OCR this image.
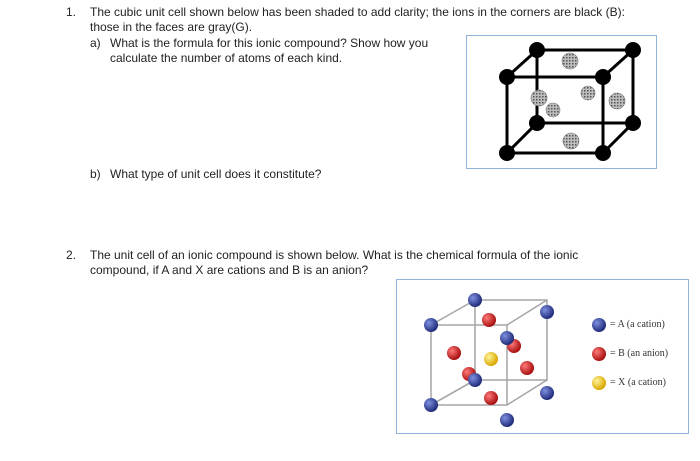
1. The cubic unit cell shown below has been shaded to add clarity; the ions in the corners are black (B):
those in the faces are gray(G).
a) What is the formula for this ionic compound? Show how you
calculate the number of atoms of each kind.
b) What type of unit cell does it constitute?
2. The unit cell of an ionic compound is shown below. What is the chemical formula of the ionic
compound, if A and X are cations and B is an anion?
= A (a cation)
= B (an anion)
= X (a cation)
